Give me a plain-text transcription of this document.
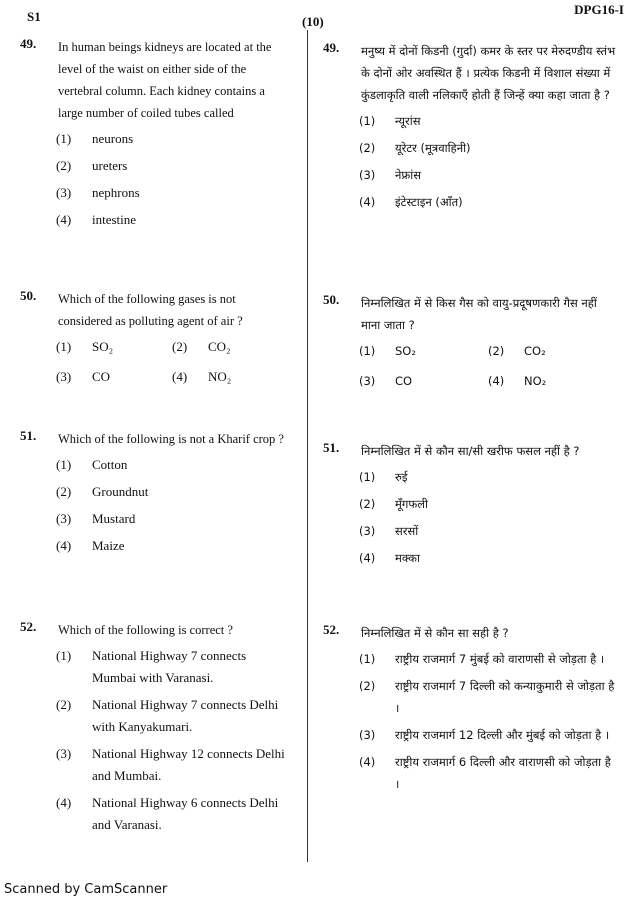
S1	(10)
DPG16-I
49. In human beings kidneys are located at the level of the waist on either side of the vertebral column. Each kidney contains a large number of coiled tubes called
(1)	neurons
(2)	ureters
(3)	nephrons
(4)	intestine
50. Which of the following gases is not considered as polluting agent of air ?
(1)	SO₂	(2)	CO₂
(3)	CO	(4)	NO₂
51. Which of the following is not a Kharif crop ?
(1)	Cotton
(2)	Groundnut
(3)	Mustard
(4)	Maize
52. Which of the following is correct ?
(1)	National Highway 7 connects Mumbai with Varanasi.
(2)	National Highway 7 connects Delhi with Kanyakumari.
(3)	National Highway 12 connects Delhi and Mumbai.
(4)	National Highway 6 connects Delhi and Varanasi.
49. मनुष्य में दोनों किडनी (गुर्दा) कमर के स्तर पर मेरुदण्डीय स्तंभ के दोनों ओर अवस्थित हैं । प्रत्येक किडनी में विशाल संख्या में कुंडलाकृति वाली नलिकाएँ होती हैं जिन्हें क्या कहा जाता है ?
(1)	न्यूरांस
(2)	यूरेटर (मूत्रवाहिनी)
(3)	नेफ्रांस
(4)	इंटेस्टाइन (आँत)
50. निम्नलिखित में से किस गैस को वायु-प्रदूषणकारी गैस नहीं माना जाता ?
(1)	SO₂	(2)	CO₂
(3)	CO	(4)	NO₂
51. निम्नलिखित में से कौन सा/सी खरीफ फसल नहीं है ?
(1)	रुई
(2)	मूँगफली
(3)	सरसों
(4)	मक्का
52. निम्नलिखित में से कौन सा सही है ?
(1)	राष्ट्रीय राजमार्ग 7 मुंबई को वाराणसी से जोड़ता है ।
(2)	राष्ट्रीय राजमार्ग 7 दिल्ली को कन्याकुमारी से जोड़ता है ।
(3)	राष्ट्रीय राजमार्ग 12 दिल्ली और मुंबई को जोड़ता है ।
(4)	राष्ट्रीय राजमार्ग 6 दिल्ली और वाराणसी को जोड़ता है ।
Scanned by CamScanner
